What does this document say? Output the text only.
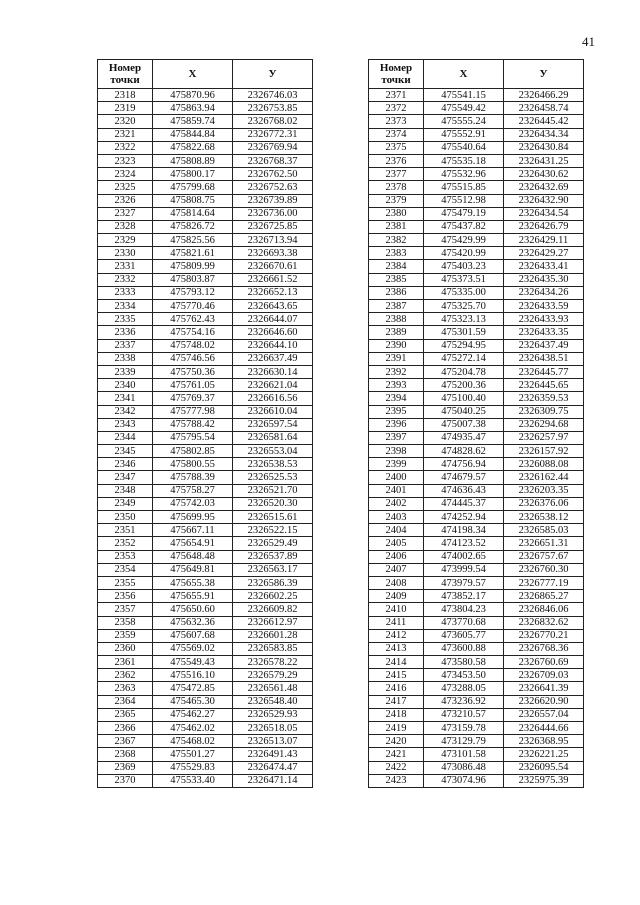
41
Номер точки	X	У
2318	475870.96	2326746.03
2319	475863.94	2326753.85
2320	475859.74	2326768.02
2321	475844.84	2326772.31
2322	475822.68	2326769.94
2323	475808.89	2326768.37
2324	475800.17	2326762.50
2325	475799.68	2326752.63
2326	475808.75	2326739.89
2327	475814.64	2326736.00
2328	475826.72	2326725.85
2329	475825.56	2326713.94
2330	475821.61	2326693.38
2331	475809.99	2326670.61
2332	475803.87	2326661.52
2333	475793.12	2326652.13
2334	475770.46	2326643.65
2335	475762.43	2326644.07
2336	475754.16	2326646.60
2337	475748.02	2326644.10
2338	475746.56	2326637.49
2339	475750.36	2326630.14
2340	475761.05	2326621.04
2341	475769.37	2326616.56
2342	475777.98	2326610.04
2343	475788.42	2326597.54
2344	475795.54	2326581.64
2345	475802.85	2326553.04
2346	475800.55	2326538.53
2347	475788.39	2326525.53
2348	475758.27	2326521.70
2349	475742.03	2326520.30
2350	475699.95	2326515.61
2351	475667.11	2326522.15
2352	475654.91	2326529.49
2353	475648.48	2326537.89
2354	475649.81	2326563.17
2355	475655.38	2326586.39
2356	475655.91	2326602.25
2357	475650.60	2326609.82
2358	475632.36	2326612.97
2359	475607.68	2326601.28
2360	475569.02	2326583.85
2361	475549.43	2326578.22
2362	475516.10	2326579.29
2363	475472.85	2326561.48
2364	475465.30	2326548.40
2365	475462.27	2326529.93
2366	475462.02	2326518.05
2367	475468.02	2326513.07
2368	475501.27	2326491.43
2369	475529.83	2326474.47
2370	475533.40	2326471.14
Номер точки	X	У
2371	475541.15	2326466.29
2372	475549.42	2326458.74
2373	475555.24	2326445.42
2374	475552.91	2326434.34
2375	475540.64	2326430.84
2376	475535.18	2326431.25
2377	475532.96	2326430.62
2378	475515.85	2326432.69
2379	475512.98	2326432.90
2380	475479.19	2326434.54
2381	475437.82	2326426.79
2382	475429.99	2326429.11
2383	475420.99	2326429.27
2384	475403.23	2326433.41
2385	475373.51	2326435.30
2386	475335.00	2326434.26
2387	475325.70	2326433.59
2388	475323.13	2326433.93
2389	475301.59	2326433.35
2390	475294.95	2326437.49
2391	475272.14	2326438.51
2392	475204.78	2326445.77
2393	475200.36	2326445.65
2394	475100.40	2326359.53
2395	475040.25	2326309.75
2396	475007.38	2326294.68
2397	474935.47	2326257.97
2398	474828.62	2326157.92
2399	474756.94	2326088.08
2400	474679.57	2326162.44
2401	474636.43	2326203.35
2402	474445.37	2326376.06
2403	474252.94	2326538.12
2404	474198.34	2326585.03
2405	474123.52	2326651.31
2406	474002.65	2326757.67
2407	473999.54	2326760.30
2408	473979.57	2326777.19
2409	473852.17	2326865.27
2410	473804.23	2326846.06
2411	473770.68	2326832.62
2412	473605.77	2326770.21
2413	473600.88	2326768.36
2414	473580.58	2326760.69
2415	473453.50	2326709.03
2416	473288.05	2326641.39
2417	473236.92	2326620.90
2418	473210.57	2326557.04
2419	473159.78	2326444.66
2420	473129.79	2326368.95
2421	473101.58	2326221.25
2422	473086.48	2326095.54
2423	473074.96	2325975.39
